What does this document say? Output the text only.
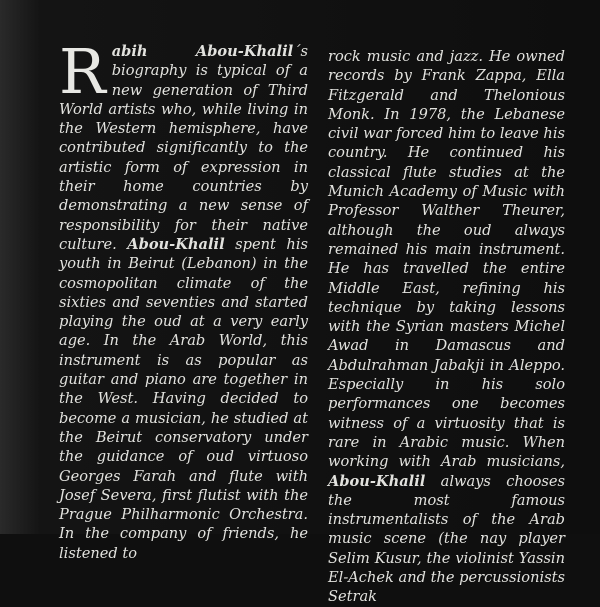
Rabih Abou-Khalil´s biography is typical of a new generation of Third World artists who, while living in the Western hemisphere, have contributed significantly to the artistic form of expression in their home countries by demonstrating a new sense of responsibility for their native culture. Abou-Khalil spent his youth in Beirut (Lebanon) in the cosmopolitan climate of the sixties and seventies and started playing the oud at a very early age. In the Arab World, this instrument is as popular as guitar and piano are together in the West. Having decided to become a musician, he studied at the Beirut conservatory under the guidance of oud virtuoso Georges Farah and flute with Josef Severa, first flutist with the Prague Philharmonic Orchestra. In the company of friends, he listened to
rock music and jazz. He owned records by Frank Zappa, Ella Fitzgerald and Thelonious Monk. In 1978, the Lebanese civil war forced him to leave his country. He continued his classical flute studies at the Munich Academy of Music with Professor Walther Theurer, although the oud always remained his main instrument. He has travelled the entire Middle East, refining his technique by taking lessons with the Syrian masters Michel Awad in Damascus and Abdulrahman Jabakji in Aleppo. Especially in his solo performances one becomes witness of a virtuosity that is rare in Arabic music. When working with Arab musicians, Abou-Khalil always chooses the most famous instrumentalists of the Arab music scene (the nay player Selim Kusur, the violinist Yassin El-Achek and the percussionists Setrak
